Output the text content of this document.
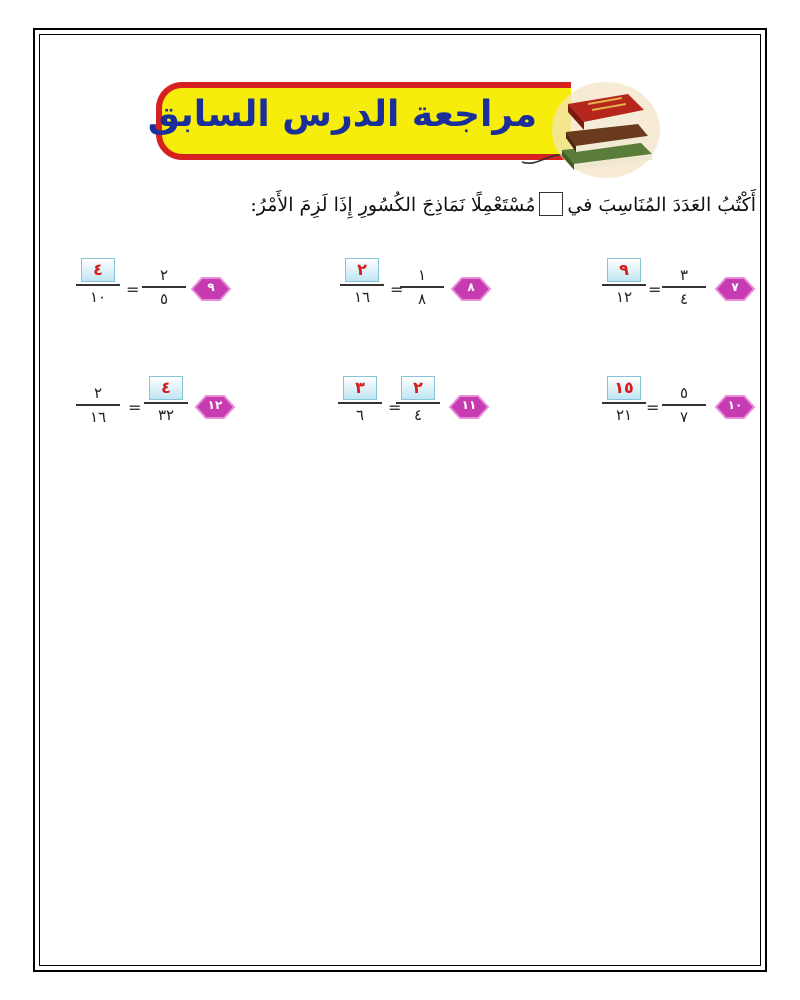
مراجعة الدرس السابق
أَكْتُبُ العَدَدَ المُنَاسِبَ فيمُسْتَعْمِلًا نَمَاذِجَ الكُسُورِ إِذَا لَزِمَ الأَمْرُ:
٣
٤
=
٩
١٢
٧
١
٨
=
٢
١٦
٨
٢
٥
=
٤
١٠
٩
٥
٧
=
١٥
٢١
١٠
٢
٤
=
٣
٦
١١
٤
٣٢
=
٢
١٦
١٢
